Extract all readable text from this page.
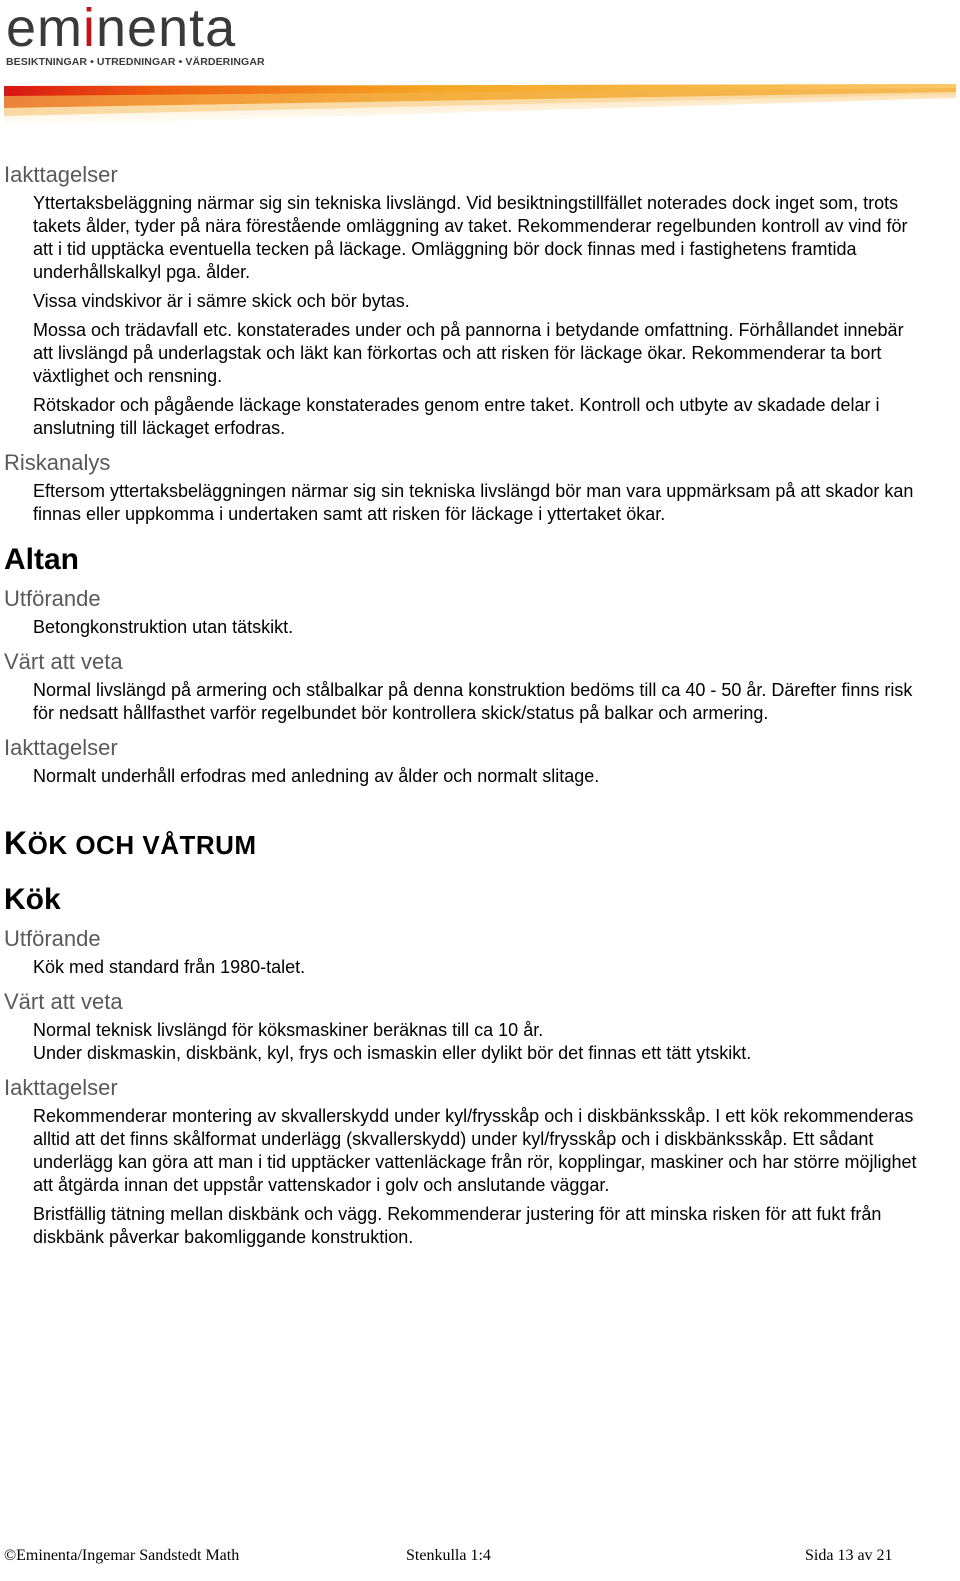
eminenta
BESIKTNINGAR • UTREDNINGAR • VÄRDERINGAR
Iakttagelser

Yttertaksbeläggning närmar sig sin tekniska livslängd. Vid besiktningstillfället noterades dock inget som, trots takets ålder, tyder på nära förestående omläggning av taket. Rekommenderar regelbunden kontroll av vind för att i tid upptäcka eventuella tecken på läckage. Omläggning bör dock finnas med i fastighetens framtida underhållskalkyl pga. ålder.

Vissa vindskivor är i sämre skick och bör bytas.

Mossa och trädavfall etc. konstaterades under och på pannorna i betydande omfattning. Förhållandet innebär att livslängd på underlagstak och läkt kan förkortas och att risken för läckage ökar. Rekommenderar ta bort växtlighet och rensning.

Rötskador och pågående läckage konstaterades genom entre taket. Kontroll och utbyte av skadade delar i anslutning till läckaget erfodras.

Riskanalys

Eftersom yttertaksbeläggningen närmar sig sin tekniska livslängd bör man vara uppmärksam på att skador kan finnas eller uppkomma i undertaken samt att risken för läckage i yttertaket ökar.

Altan
Utförande

Betongkonstruktion utan tätskikt.

Värt att veta

Normal livslängd på armering och stålbalkar på denna konstruktion bedöms till ca 40 - 50 år. Därefter finns risk för nedsatt hållfasthet varför regelbundet bör kontrollera skick/status på balkar och armering.

Iakttagelser

Normalt underhåll erfodras med anledning av ålder och normalt slitage.

KÖK OCH VÅTRUM
Kök
Utförande

Kök med standard från 1980-talet.

Värt att veta

Normal teknisk livslängd för köksmaskiner beräknas till ca 10 år.
Under diskmaskin, diskbänk, kyl, frys och ismaskin eller dylikt bör det finnas ett tätt ytskikt.

Iakttagelser

Rekommenderar montering av skvallerskydd under kyl/frysskåp och i diskbänksskåp. I ett kök rekommenderas alltid att det finns skålformat underlägg (skvallerskydd) under kyl/frysskåp och i diskbänksskåp. Ett sådant underlägg kan göra att man i tid upptäcker vattenläckage från rör, kopplingar, maskiner och har större möjlighet att åtgärda innan det uppstår vattenskador i golv och anslutande väggar.

Bristfällig tätning mellan diskbänk och vägg. Rekommenderar justering för att minska risken för att fukt från diskbänk påverkar bakomliggande konstruktion.

©Eminenta/Ingemar Sandstedt Math	Stenkulla 1:4	Sida 13 av 21
